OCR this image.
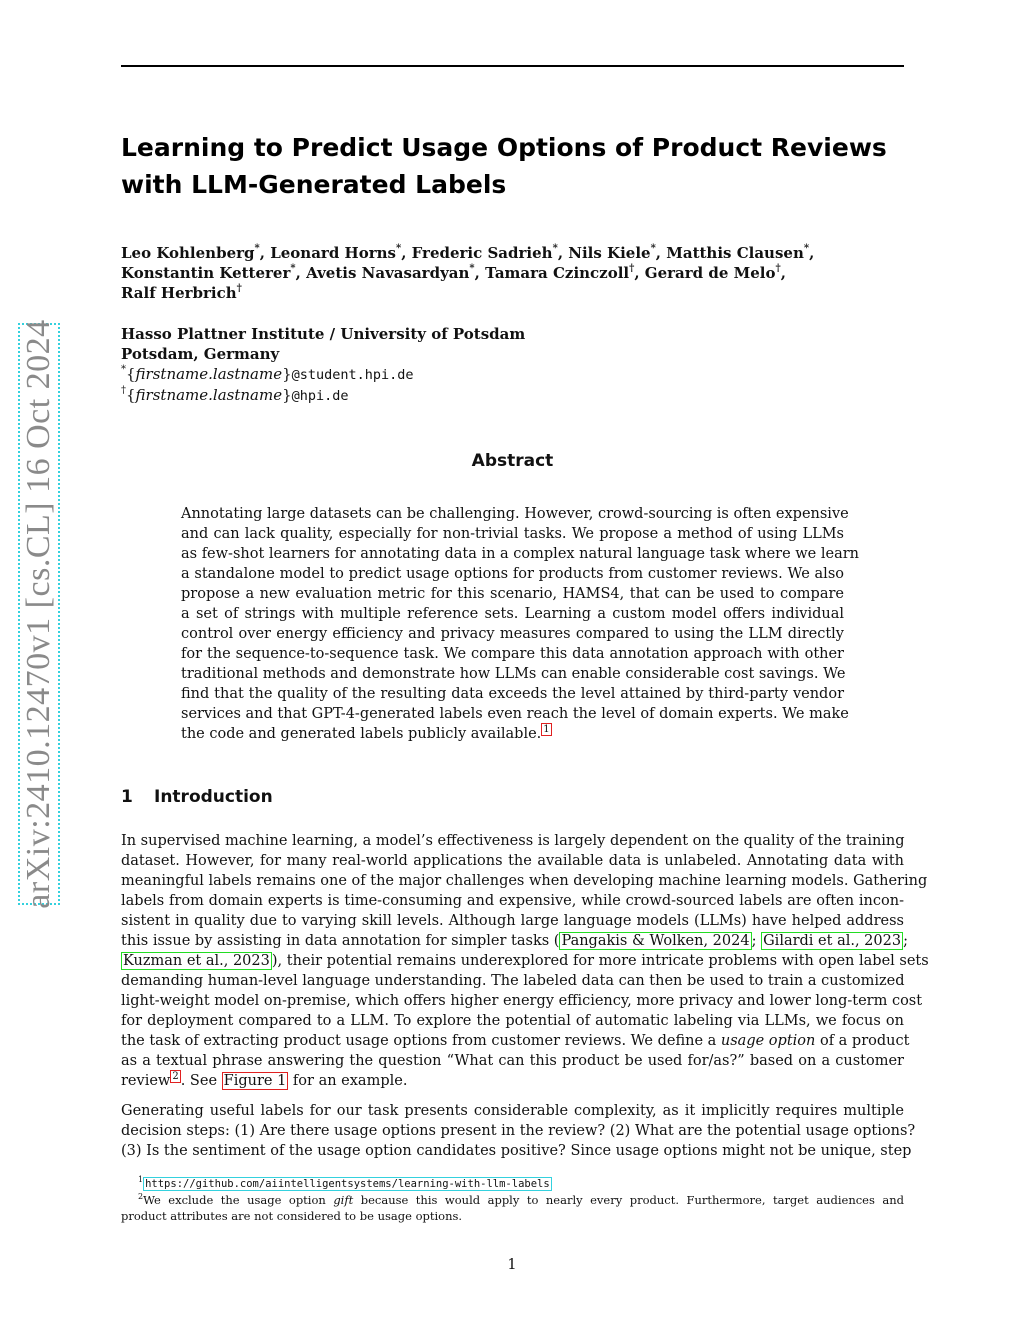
arXiv:2410.12470v1 [cs.CL] 16 Oct 2024
Learning to Predict Usage Options of Product Reviews
with LLM-Generated Labels
Leo Kohlenberg*, Leonard Horns*, Frederic Sadrieh*, Nils Kiele*, Matthis Clausen*,
Konstantin Ketterer*, Avetis Navasardyan*, Tamara Czinczoll†, Gerard de Melo†,
Ralf Herbrich†
Hasso Plattner Institute / University of Potsdam
Potsdam, Germany
*{firstname.lastname}@student.hpi.de
†{firstname.lastname}@hpi.de
Abstract
Annotating large datasets can be challenging. However, crowd-sourcing is often expensive
and can lack quality, especially for non-trivial tasks. We propose a method of using LLMs
as few-shot learners for annotating data in a complex natural language task where we learn
a standalone model to predict usage options for products from customer reviews. We also
propose a new evaluation metric for this scenario, HAMS4, that can be used to compare
a set of strings with multiple reference sets. Learning a custom model offers individual
control over energy efficiency and privacy measures compared to using the LLM directly
for the sequence-to-sequence task. We compare this data annotation approach with other
traditional methods and demonstrate how LLMs can enable considerable cost savings. We
find that the quality of the resulting data exceeds the level attained by third-party vendor
services and that GPT-4-generated labels even reach the level of domain experts. We make
the code and generated labels publicly available. $^1$
1 Introduction
In supervised machine learning, a model’s effectiveness is largely dependent on the quality of the training
dataset. However, for many real-world applications the available data is unlabeled. Annotating data with
meaningful labels remains one of the major challenges when developing machine learning models. Gathering
labels from domain experts is time-consuming and expensive, while crowd-sourced labels are often incon-
sistent in quality due to varying skill levels. Although large language models (LLMs) have helped address
this issue by assisting in data annotation for simpler tasks ( Pangakis & Wolken, 2024 ; Gilardi et al., 2023 ;
Kuzman et al., 2023 ), their potential remains underexplored for more intricate problems with open label sets
demanding human-level language understanding. The labeled data can then be used to train a customized
light-weight model on-premise, which offers higher energy efficiency, more privacy and lower long-term cost
for deployment compared to a LLM. To explore the potential of automatic labeling via LLMs, we focus on
the task of extracting product usage options from customer reviews. We define a usage option of a product
as a textual phrase answering the question “What can this product be used for/as?” based on a customer
review $^2$ . See Figure 1 for an example.
Generating useful labels for our task presents considerable complexity, as it implicitly requires multiple
decision steps: (1) Are there usage options present in the review? (2) What are the potential usage options?
(3) Is the sentiment of the usage option candidates positive? Since usage options might not be unique, step
$^1$ https://github.com/aiintelligentsystems/learning-with-llm-labels
$^2$We exclude the usage option gift because this would apply to nearly every product. Furthermore, target audiences and
product attributes are not considered to be usage options.
1
